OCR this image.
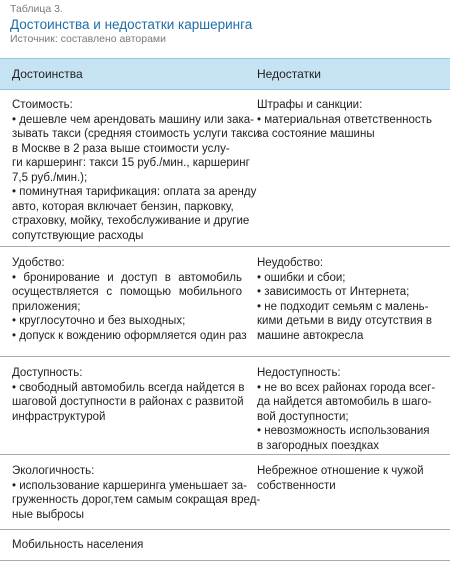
Таблица 3.
Достоинства и недостатки каршеринга
Источник: составлено авторами
Достоинства	Недостатки
Стоимость:
• дешевле чем арендовать машину или зака-
зывать такси (средняя стоимость услуги такси
в Москве в 2 раза выше стоимости услу-
ги каршеринг: такси 15 руб./мин., каршеринг
7,5 руб./мин.);
• поминутная тарификация: оплата за аренду
авто, которая включает бензин, парковку,
страховку, мойку, техобслуживание и другие
сопутствующие расходы
Штрафы и санкции:
• материальная ответственность
за состояние машины
Удобство:
• бронирование и доступ в автомобиль
осуществляется с помощью мобильного
приложения;
• круглосуточно и без выходных;
• допуск к вождению оформляется один раз
Неудобство:
• ошибки и сбои;
• зависимость от Интернета;
• не подходит семьям с малень-
кими детьми в виду отсутствия в
машине автокресла
Доступность:
• свободный автомобиль всегда найдется в
шаговой доступности в районах с развитой
инфраструктурой
Недоступность:
• не во всех районах города всег-
да найдется автомобиль в шаго-
вой доступности;
• невозможность использования
в загородных поездках
Экологичность:
• использование каршеринга уменьшает за-
груженность дорог,тем самым сокращая вред-
ные выбросы
Небрежное отношение к чужой
собственности
Мобильность населения
